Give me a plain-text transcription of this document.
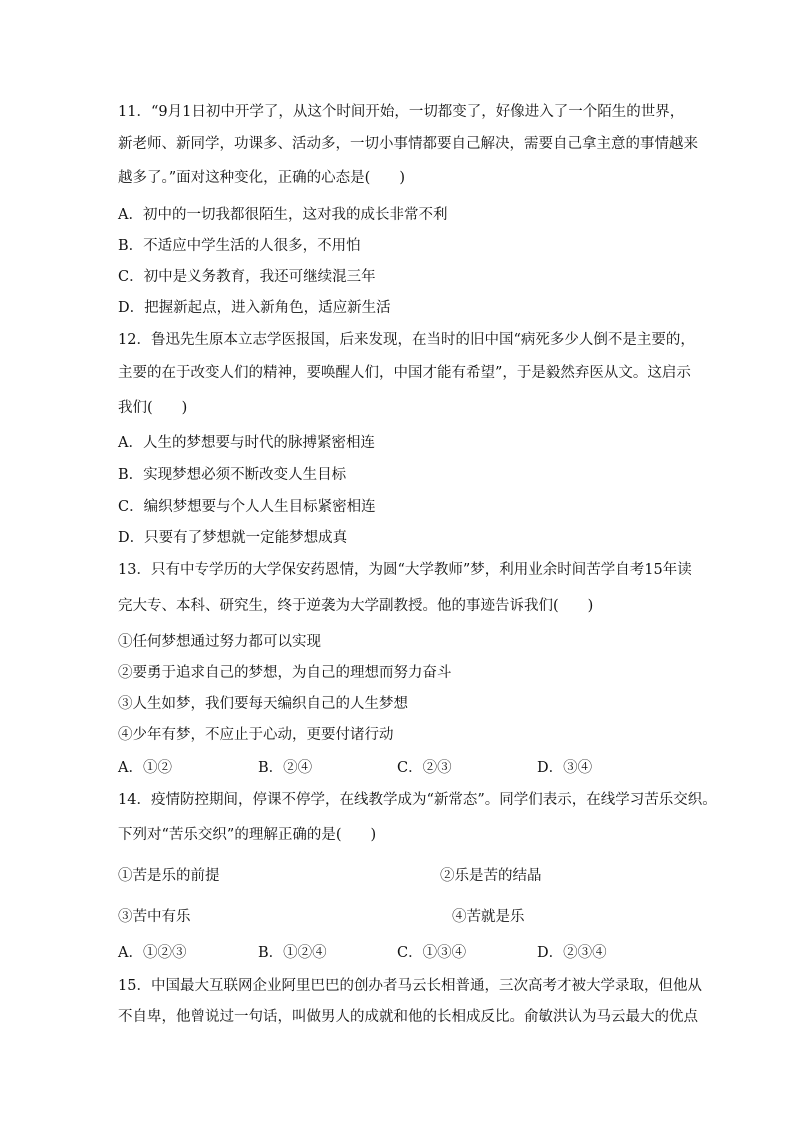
11．“9月1日初中开学了，从这个时间开始，一切都变了，好像进入了一个陌生的世界，
新老师、新同学，功课多、活动多，一切小事情都要自己解决，需要自己拿主意的事情越来
越多了。”面对这种变化，正确的心态是(　　)
A．初中的一切我都很陌生，这对我的成长非常不利
B．不适应中学生活的人很多，不用怕
C．初中是义务教育，我还可继续混三年
D．把握新起点，进入新角色，适应新生活
12．鲁迅先生原本立志学医报国，后来发现，在当时的旧中国“病死多少人倒不是主要的，
主要的在于改变人们的精神，要唤醒人们，中国才能有希望”，于是毅然弃医从文。这启示
我们(　　)
A．人生的梦想要与时代的脉搏紧密相连
B．实现梦想必须不断改变人生目标
C．编织梦想要与个人人生目标紧密相连
D．只要有了梦想就一定能梦想成真
13．只有中专学历的大学保安药恩情，为圆“大学教师”梦，利用业余时间苦学自考15年读
完大专、本科、研究生，终于逆袭为大学副教授。他的事迹告诉我们(　　)
①任何梦想通过努力都可以实现
②要勇于追求自己的梦想，为自己的理想而努力奋斗
③人生如梦，我们要每天编织自己的人生梦想
④少年有梦，不应止于心动，更要付诸行动
A．①②	B．②④	C．②③	D．③④
14．疫情防控期间，停课不停学，在线教学成为“新常态”。同学们表示，在线学习苦乐交织。
下列对“苦乐交织”的理解正确的是(　　)
①苦是乐的前提	②乐是苦的结晶
③苦中有乐	④苦就是乐
A．①②③	B．①②④	C．①③④	D．②③④
15．中国最大互联网企业阿里巴巴的创办者马云长相普通，三次高考才被大学录取，但他从
不自卑，他曾说过一句话，叫做男人的成就和他的长相成反比。俞敏洪认为马云最大的优点
